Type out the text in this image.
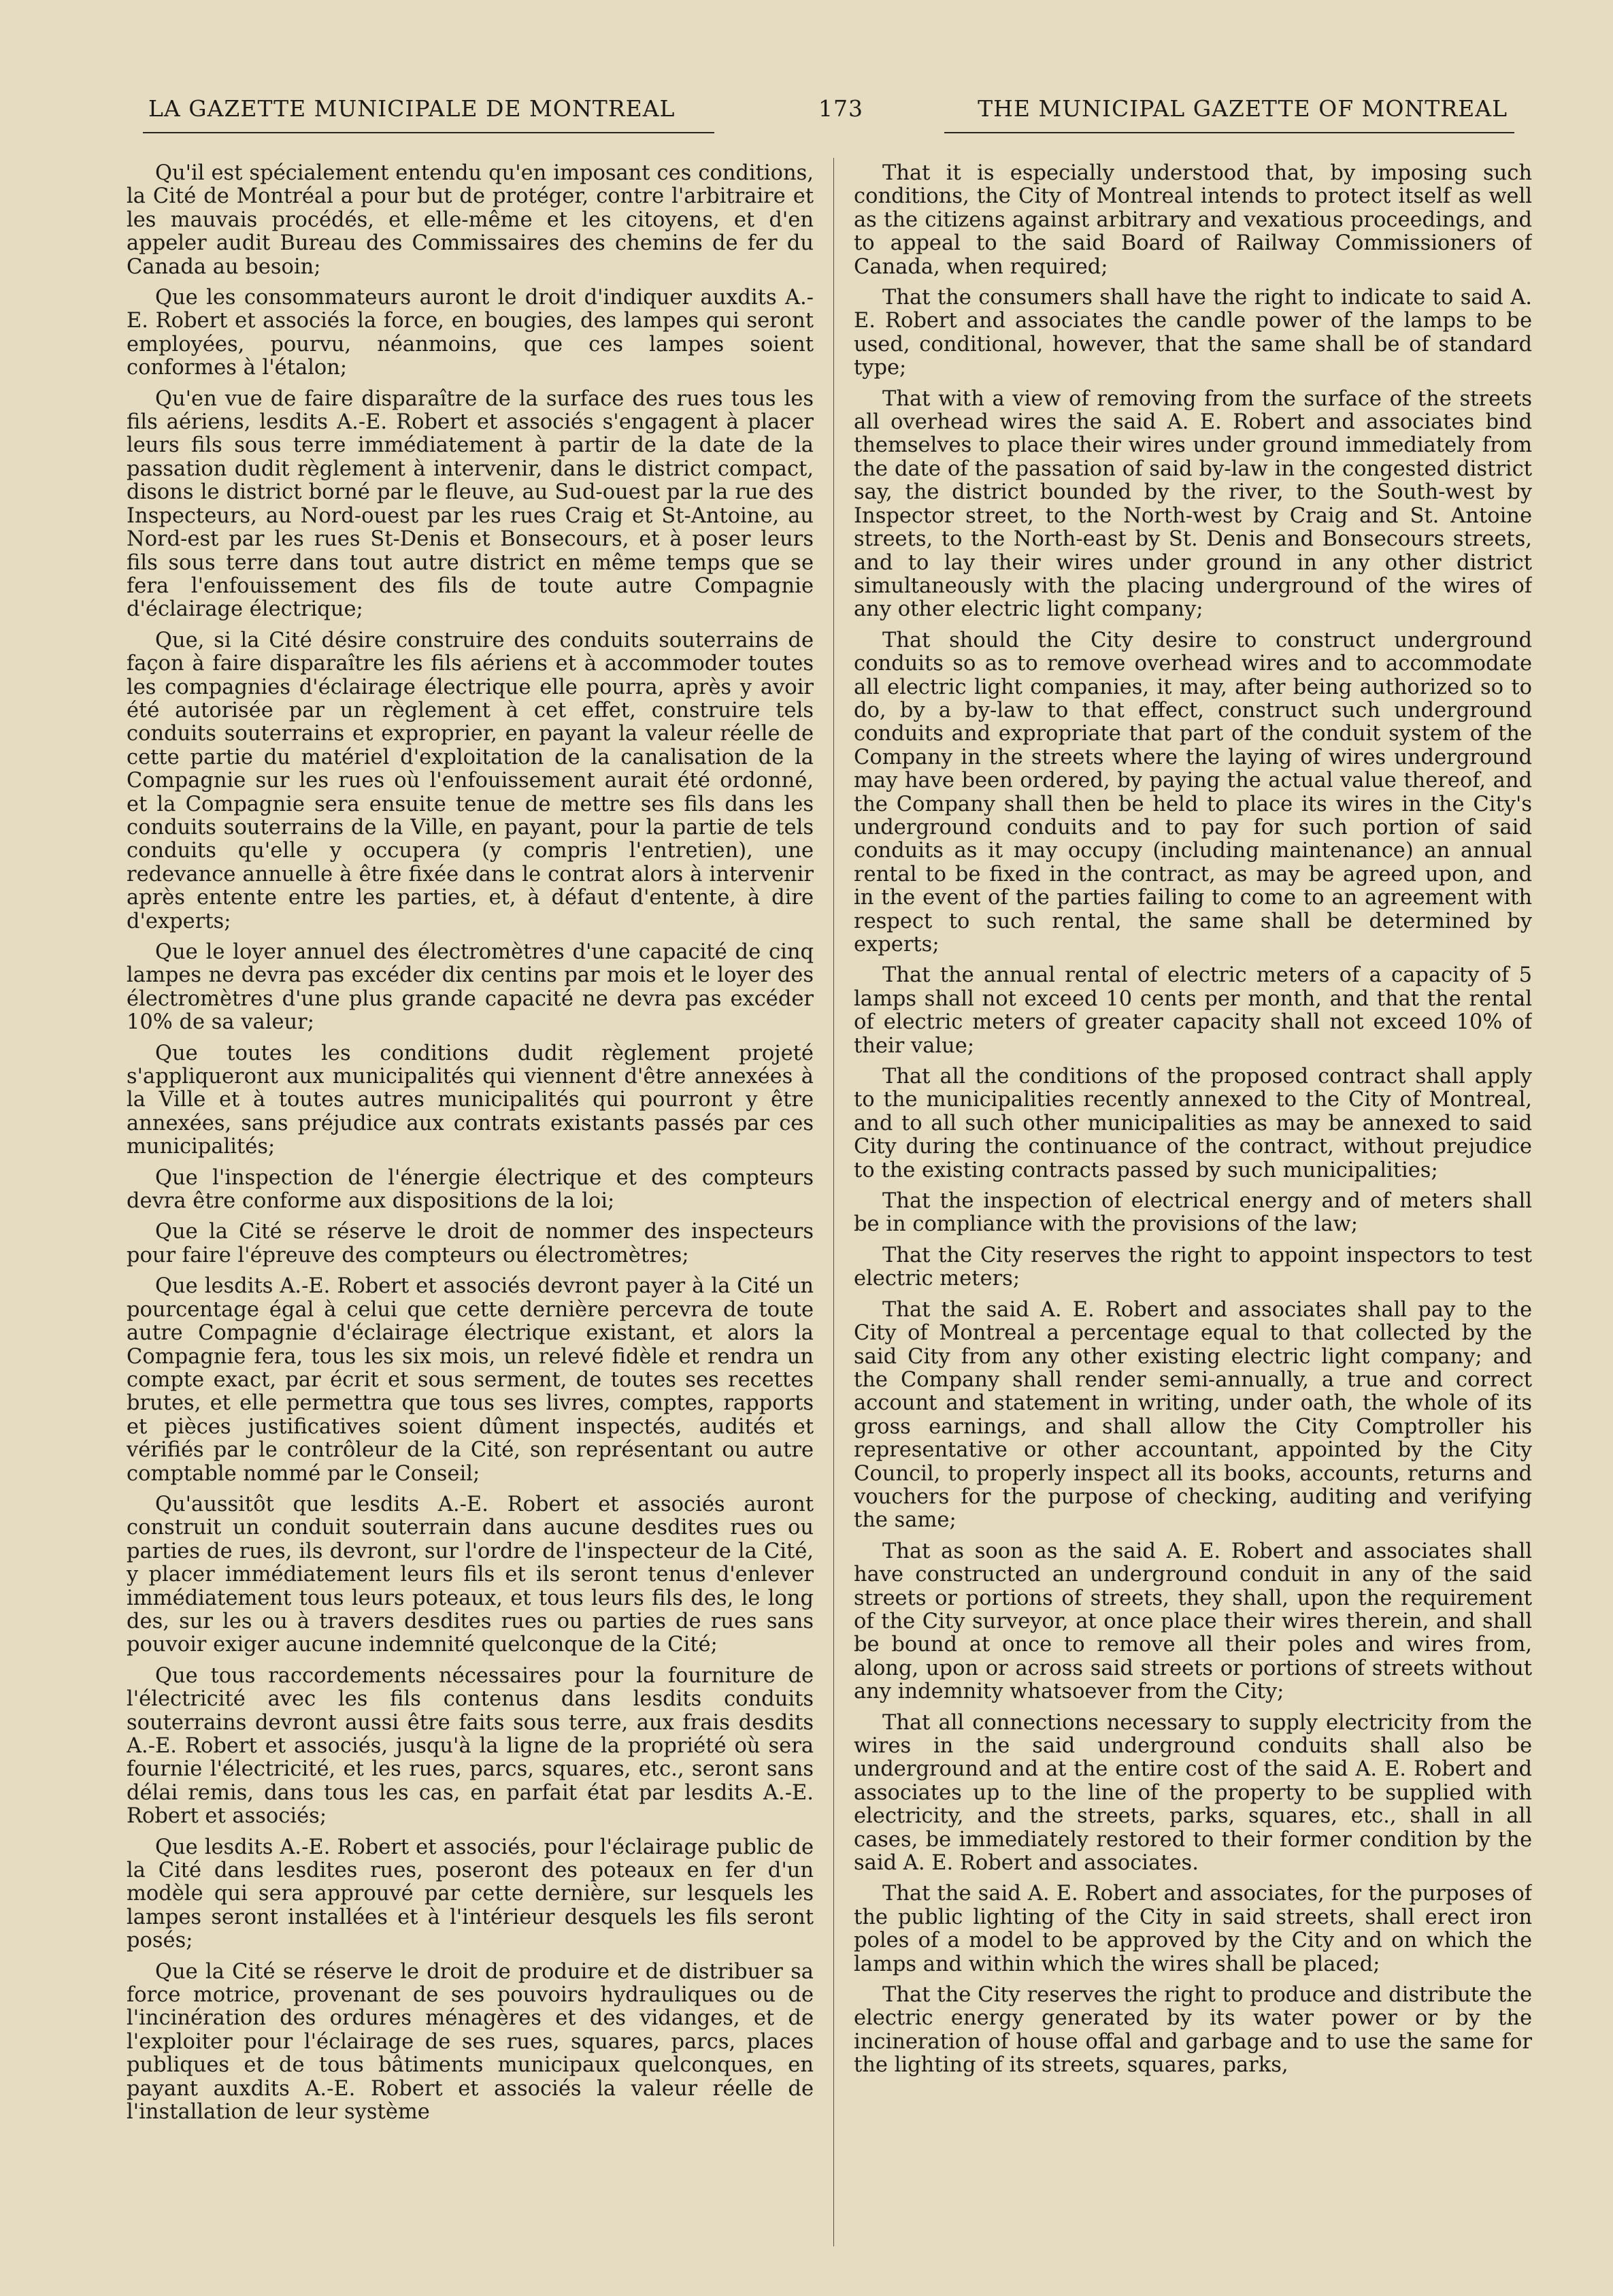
LA GAZETTE MUNICIPALE DE MONTREAL	173	THE MUNICIPAL GAZETTE OF MONTREAL

Qu'il est spécialement entendu qu'en imposant ces conditions, la Cité de Montréal a pour but de protéger, contre l'arbitraire et les mauvais procédés, et elle-même et les citoyens, et d'en appeler audit Bureau des Commissaires des chemins de fer du Canada au besoin;

Que les consommateurs auront le droit d'indiquer auxdits A.-E. Robert et associés la force, en bougies, des lampes qui seront employées, pourvu, néanmoins, que ces lampes soient conformes à l'étalon;

Qu'en vue de faire disparaître de la surface des rues tous les fils aériens, lesdits A.-E. Robert et associés s'engagent à placer leurs fils sous terre immédiatement à partir de la date de la passation dudit règlement à intervenir, dans le district compact, disons le district borné par le fleuve, au Sud-ouest par la rue des Inspecteurs, au Nord-ouest par les rues Craig et St-Antoine, au Nord-est par les rues St-Denis et Bonsecours, et à poser leurs fils sous terre dans tout autre district en même temps que se fera l'enfouissement des fils de toute autre Compagnie d'éclairage électrique;

Que, si la Cité désire construire des conduits souterrains de façon à faire disparaître les fils aériens et à accommoder toutes les compagnies d'éclairage électrique elle pourra, après y avoir été autorisée par un règlement à cet effet, construire tels conduits souterrains et exproprier, en payant la valeur réelle de cette partie du matériel d'exploitation de la canalisation de la Compagnie sur les rues où l'enfouissement aurait été ordonné, et la Compagnie sera ensuite tenue de mettre ses fils dans les conduits souterrains de la Ville, en payant, pour la partie de tels conduits qu'elle y occupera (y compris l'entretien), une redevance annuelle à être fixée dans le contrat alors à intervenir après entente entre les parties, et, à défaut d'entente, à dire d'experts;

Que le loyer annuel des électromètres d'une capacité de cinq lampes ne devra pas excéder dix centins par mois et le loyer des électromètres d'une plus grande capacité ne devra pas excéder 10% de sa valeur;

Que toutes les conditions dudit règlement projeté s'appliqueront aux municipalités qui viennent d'être annexées à la Ville et à toutes autres municipalités qui pourront y être annexées, sans préjudice aux contrats existants passés par ces municipalités;

Que l'inspection de l'énergie électrique et des compteurs devra être conforme aux dispositions de la loi;

Que la Cité se réserve le droit de nommer des inspecteurs pour faire l'épreuve des compteurs ou électromètres;

Que lesdits A.-E. Robert et associés devront payer à la Cité un pourcentage égal à celui que cette dernière percevra de toute autre Compagnie d'éclairage électrique existant, et alors la Compagnie fera, tous les six mois, un relevé fidèle et rendra un compte exact, par écrit et sous serment, de toutes ses recettes brutes, et elle permettra que tous ses livres, comptes, rapports et pièces justificatives soient dûment inspectés, audités et vérifiés par le contrôleur de la Cité, son représentant ou autre comptable nommé par le Conseil;

Qu'aussitôt que lesdits A.-E. Robert et associés auront construit un conduit souterrain dans aucune desdites rues ou parties de rues, ils devront, sur l'ordre de l'inspecteur de la Cité, y placer immédiatement leurs fils et ils seront tenus d'enlever immédiatement tous leurs poteaux, et tous leurs fils des, le long des, sur les ou à travers desdites rues ou parties de rues sans pouvoir exiger aucune indemnité quelconque de la Cité;

Que tous raccordements nécessaires pour la fourniture de l'électricité avec les fils contenus dans lesdits conduits souterrains devront aussi être faits sous terre, aux frais desdits A.-E. Robert et associés, jusqu'à la ligne de la propriété où sera fournie l'électricité, et les rues, parcs, squares, etc., seront sans délai remis, dans tous les cas, en parfait état par lesdits A.-E. Robert et associés;

Que lesdits A.-E. Robert et associés, pour l'éclairage public de la Cité dans lesdites rues, poseront des poteaux en fer d'un modèle qui sera approuvé par cette dernière, sur lesquels les lampes seront installées et à l'intérieur desquels les fils seront posés;

Que la Cité se réserve le droit de produire et de distribuer sa force motrice, provenant de ses pouvoirs hydrauliques ou de l'incinération des ordures ménagères et des vidanges, et de l'exploiter pour l'éclairage de ses rues, squares, parcs, places publiques et de tous bâtiments municipaux quelconques, en payant auxdits A.-E. Robert et associés la valeur réelle de l'installation de leur système

That it is especially understood that, by imposing such conditions, the City of Montreal intends to protect itself as well as the citizens against arbitrary and vexatious proceedings, and to appeal to the said Board of Railway Commissioners of Canada, when required;

That the consumers shall have the right to indicate to said A. E. Robert and associates the candle power of the lamps to be used, conditional, however, that the same shall be of standard type;

That with a view of removing from the surface of the streets all overhead wires the said A. E. Robert and associates bind themselves to place their wires under ground immediately from the date of the passation of said by-law in the congested district say, the district bounded by the river, to the South-west by Inspector street, to the North-west by Craig and St. Antoine streets, to the North-east by St. Denis and Bonsecours streets, and to lay their wires under ground in any other district simultaneously with the placing underground of the wires of any other electric light company;

That should the City desire to construct underground conduits so as to remove overhead wires and to accommodate all electric light companies, it may, after being authorized so to do, by a by-law to that effect, construct such underground conduits and expropriate that part of the conduit system of the Company in the streets where the laying of wires underground may have been ordered, by paying the actual value thereof, and the Company shall then be held to place its wires in the City's underground conduits and to pay for such portion of said conduits as it may occupy (including maintenance) an annual rental to be fixed in the contract, as may be agreed upon, and in the event of the parties failing to come to an agreement with respect to such rental, the same shall be determined by experts;

That the annual rental of electric meters of a capacity of 5 lamps shall not exceed 10 cents per month, and that the rental of electric meters of greater capacity shall not exceed 10% of their value;

That all the conditions of the proposed contract shall apply to the municipalities recently annexed to the City of Montreal, and to all such other municipalities as may be annexed to said City during the continuance of the contract, without prejudice to the existing contracts passed by such municipalities;

That the inspection of electrical energy and of meters shall be in compliance with the provisions of the law;

That the City reserves the right to appoint inspectors to test electric meters;

That the said A. E. Robert and associates shall pay to the City of Montreal a percentage equal to that collected by the said City from any other existing electric light company; and the Company shall render semi-annually, a true and correct account and statement in writing, under oath, the whole of its gross earnings, and shall allow the City Comptroller his representative or other accountant, appointed by the City Council, to properly inspect all its books, accounts, returns and vouchers for the purpose of checking, auditing and verifying the same;

That as soon as the said A. E. Robert and associates shall have constructed an underground conduit in any of the said streets or portions of streets, they shall, upon the requirement of the City surveyor, at once place their wires therein, and shall be bound at once to remove all their poles and wires from, along, upon or across said streets or portions of streets without any indemnity whatsoever from the City;

That all connections necessary to supply electricity from the wires in the said underground conduits shall also be underground and at the entire cost of the said A. E. Robert and associates up to the line of the property to be supplied with electricity, and the streets, parks, squares, etc., shall in all cases, be immediately restored to their former condition by the said A. E. Robert and associates.

That the said A. E. Robert and associates, for the purposes of the public lighting of the City in said streets, shall erect iron poles of a model to be approved by the City and on which the lamps and within which the wires shall be placed;

That the City reserves the right to produce and distribute the electric energy generated by its water power or by the incineration of house offal and garbage and to use the same for the lighting of its streets, squares, parks,
